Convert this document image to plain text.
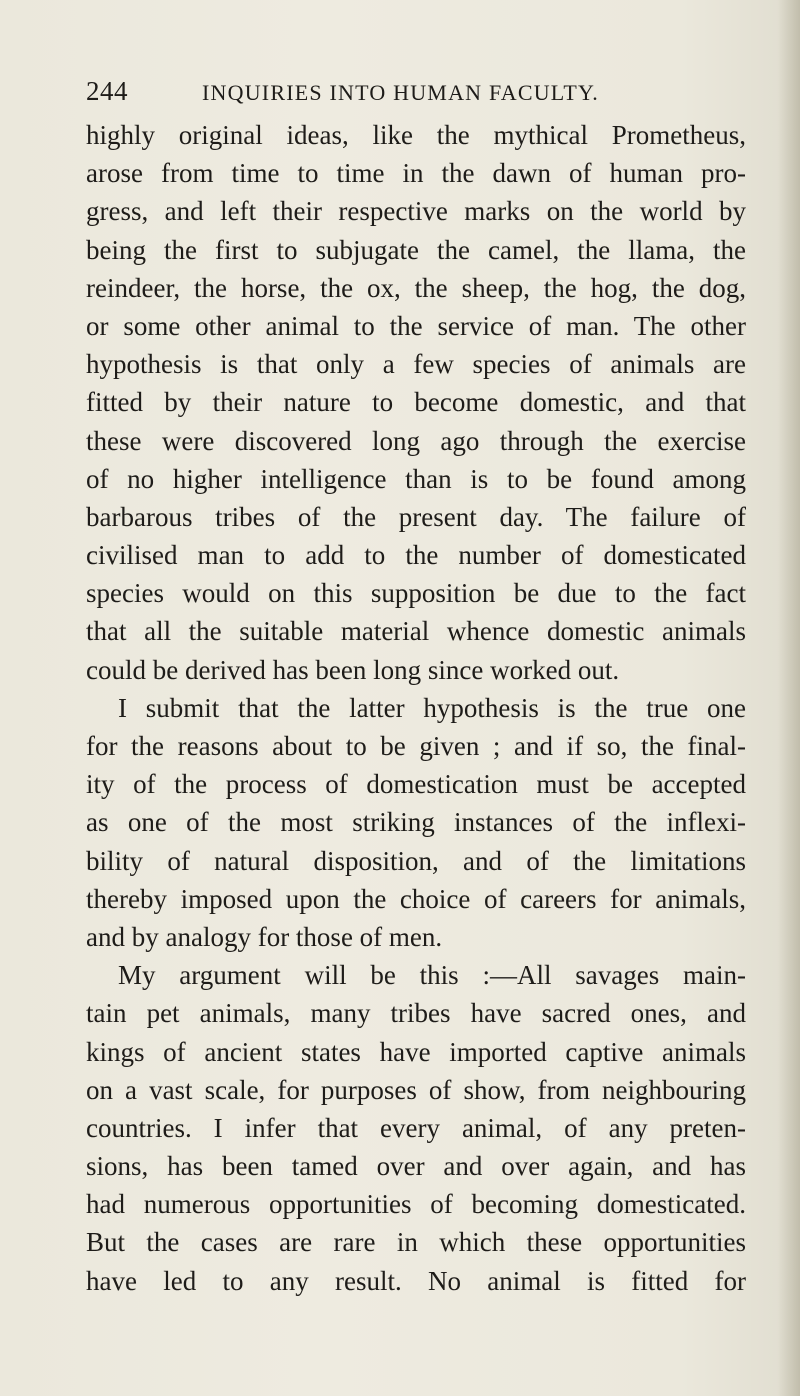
244	INQUIRIES INTO HUMAN FACULTY.
highly original ideas, like the mythical Prometheus,
arose from time to time in the dawn of human pro-
gress, and left their respective marks on the world by
being the first to subjugate the camel, the llama, the
reindeer, the horse, the ox, the sheep, the hog, the dog,
or some other animal to the service of man. The other
hypothesis is that only a few species of animals are
fitted by their nature to become domestic, and that
these were discovered long ago through the exercise
of no higher intelligence than is to be found among
barbarous tribes of the present day. The failure of
civilised man to add to the number of domesticated
species would on this supposition be due to the fact
that all the suitable material whence domestic animals
could be derived has been long since worked out.
I submit that the latter hypothesis is the true one
for the reasons about to be given ; and if so, the final-
ity of the process of domestication must be accepted
as one of the most striking instances of the inflexi-
bility of natural disposition, and of the limitations
thereby imposed upon the choice of careers for animals,
and by analogy for those of men.
My argument will be this :—All savages main-
tain pet animals, many tribes have sacred ones, and
kings of ancient states have imported captive animals
on a vast scale, for purposes of show, from neighbouring
countries. I infer that every animal, of any preten-
sions, has been tamed over and over again, and has
had numerous opportunities of becoming domesticated.
But the cases are rare in which these opportunities
have led to any result. No animal is fitted for
